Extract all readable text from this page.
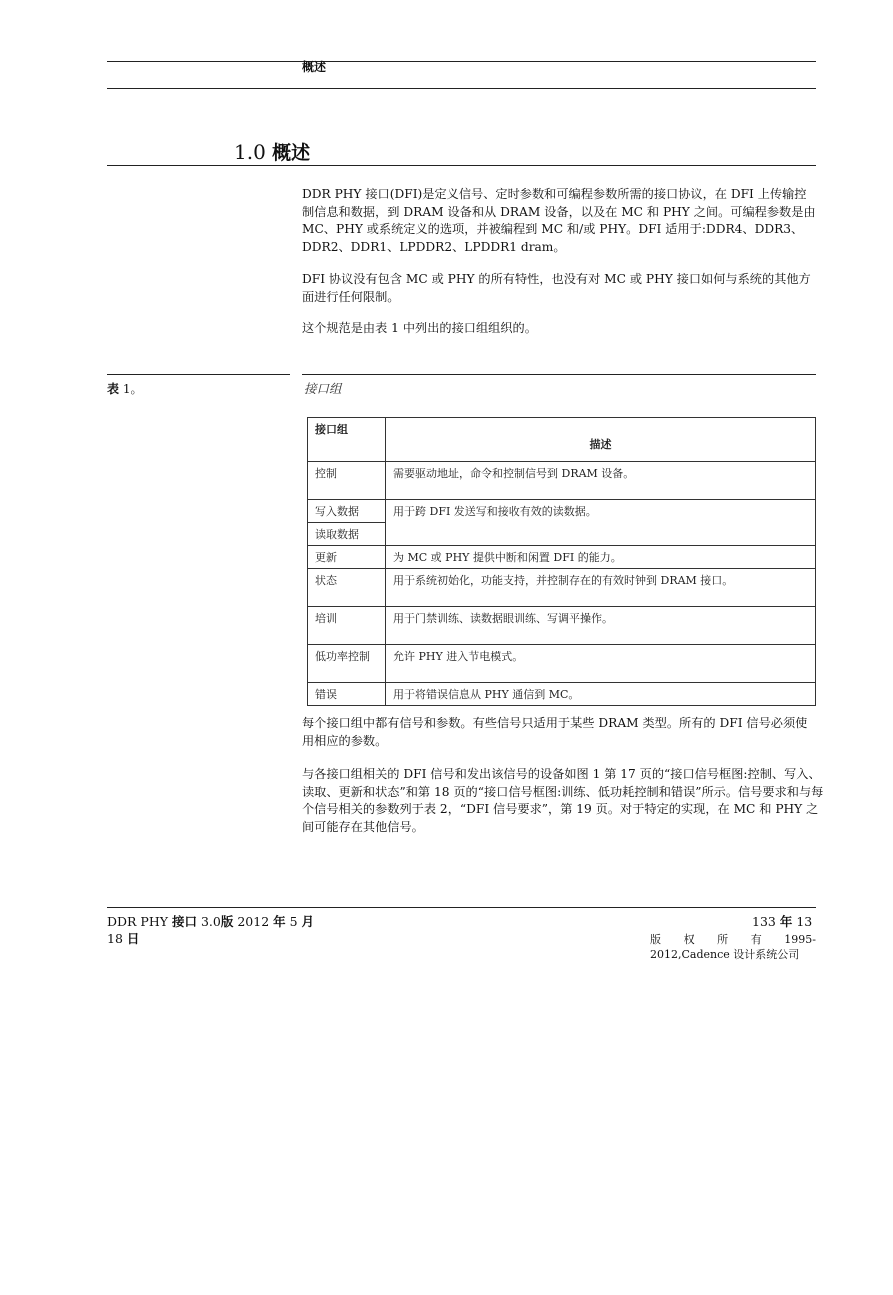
概述
1.0 概述
DDR PHY 接口(DFI)是定义信号、定时参数和可编程参数所需的接口协议，在 DFI 上传输控制信息和数据，到 DRAM 设备和从 DRAM 设备，以及在 MC 和 PHY 之间。可编程参数是由 MC、PHY 或系统定义的选项，并被编程到 MC 和/或 PHY。DFI 适用于:DDR4、DDR3、DDR2、DDR1、LPDDR2、LPDDR1 dram。
DFI 协议没有包含 MC 或 PHY 的所有特性，也没有对 MC 或 PHY 接口如何与系统的其他方面进行任何限制。
这个规范是由表 1 中列出的接口组组织的。
表 1。	接口组
接口组	描述
控制	需要驱动地址，命令和控制信号到 DRAM 设备。
写入数据	用于跨 DFI 发送写和接收有效的读数据。
读取数据	
更新	为 MC 或 PHY 提供中断和闲置 DFI 的能力。
状态	用于系统初始化，功能支持，并控制存在的有效时钟到 DRAM 接口。
培训	用于门禁训练、读数据眼训练、写调平操作。
低功率控制	允许 PHY 进入节电模式。
错误	用于将错误信息从 PHY 通信到 MC。
每个接口组中都有信号和参数。有些信号只适用于某些 DRAM 类型。所有的 DFI 信号必须使用相应的参数。
与各接口组相关的 DFI 信号和发出该信号的设备如图 1 第 17 页的“接口信号框图:控制、写入、读取、更新和状态”和第 18 页的“接口信号框图:训练、低功耗控制和错误”所示。信号要求和与每个信号相关的参数列于表 2，“DFI 信号要求”，第 19 页。对于特定的实现，在 MC 和 PHY 之间可能存在其他信号。
DDR PHY 接口 3.0版 2012 年 5 月
18 日
133 年 13
版 权 所 有 1995-2012,Cadence 设计系统公司
